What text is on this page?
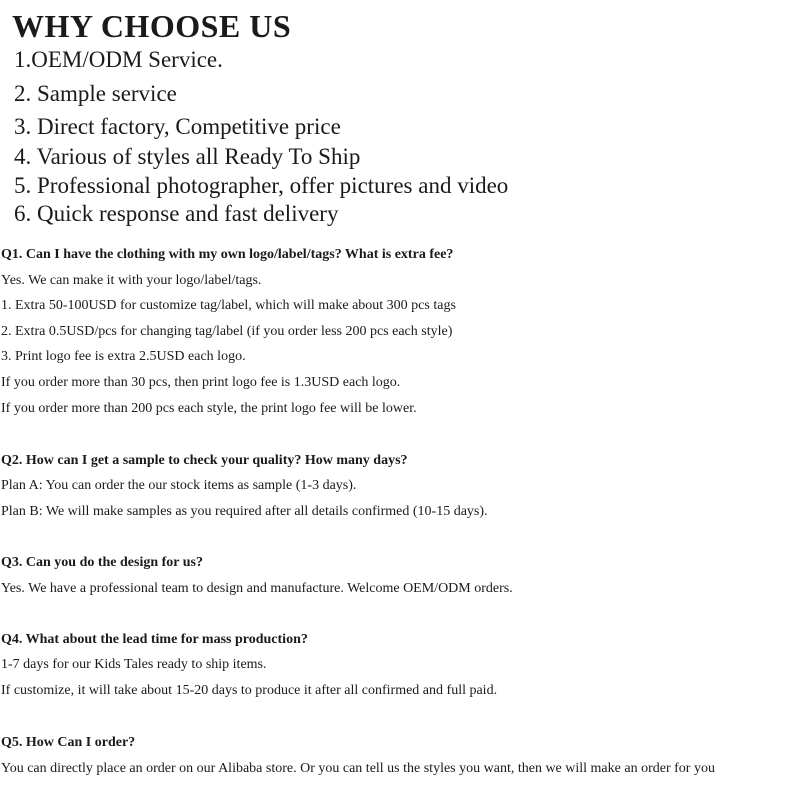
WHY CHOOSE US
1.OEM/ODM Service.
2. Sample service
3. Direct factory, Competitive price
4. Various of styles all Ready To Ship
5. Professional photographer, offer pictures and video
6. Quick response and fast delivery
Q1. Can I have the clothing with my own logo/label/tags? What is extra fee?
Yes. We can make it with your logo/label/tags.
1. Extra 50-100USD for customize tag/label, which will make about 300 pcs tags
2. Extra 0.5USD/pcs for changing tag/label (if you order less 200 pcs each style)
3. Print logo fee is extra 2.5USD each logo.
If you order more than 30 pcs, then print logo fee is 1.3USD each logo.
If you order more than 200 pcs each style, the print logo fee will be lower.
Q2. How can I get a sample to check your quality? How many days?
Plan A: You can order the our stock items as sample (1-3 days).
Plan B: We will make samples as you required after all details confirmed (10-15 days).
Q3. Can you do the design for us?
Yes. We have a professional team to design and manufacture. Welcome OEM/ODM orders.
Q4. What about the lead time for mass production?
1-7 days for our Kids Tales ready to ship items.
If customize, it will take about 15-20 days to produce it after all confirmed and full paid.
Q5. How Can I order?
You can directly place an order on our Alibaba store. Or you can tell us the styles you want, then we will make an order for you
